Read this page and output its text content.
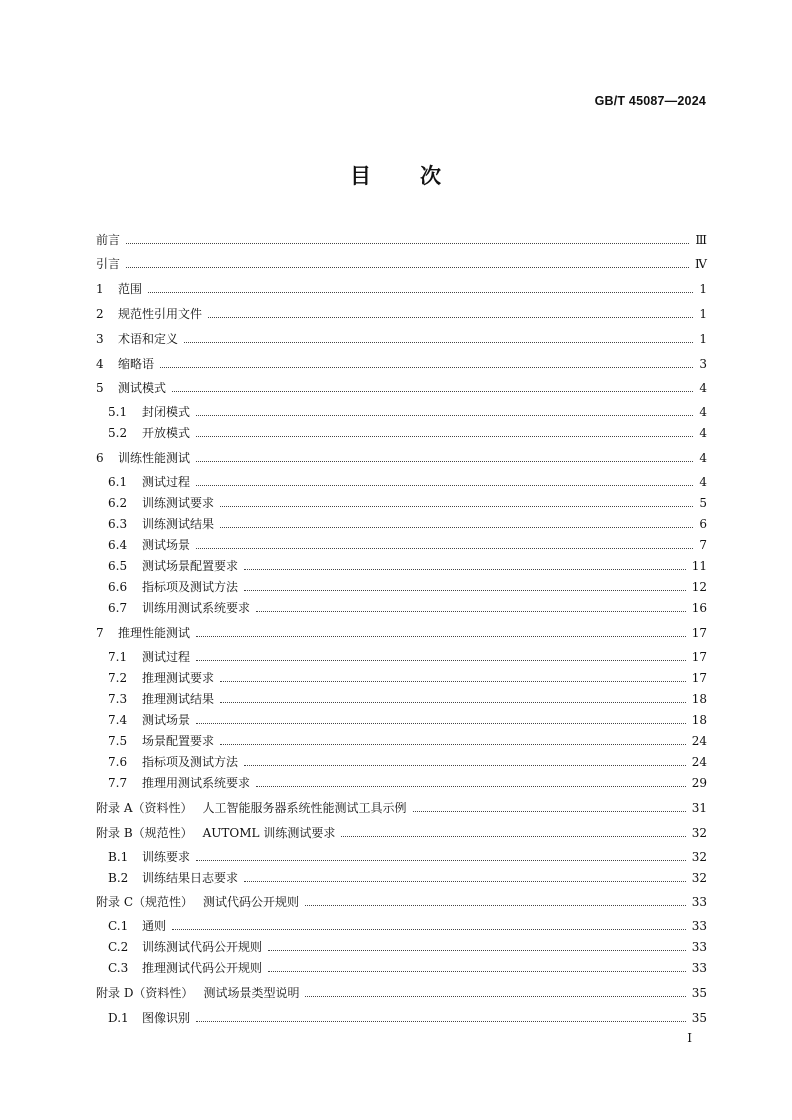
GB/T 45087—2024
目 次
前言	Ⅲ
引言	Ⅳ
1	范围	1
2	规范性引用文件	1
3	术语和定义	1
4	缩略语	3
5	测试模式	4
5.1	封闭模式	4
5.2	开放模式	4
6	训练性能测试	4
6.1	测试过程	4
6.2	训练测试要求	5
6.3	训练测试结果	6
6.4	测试场景	7
6.5	测试场景配置要求	11
6.6	指标项及测试方法	12
6.7	训练用测试系统要求	16
7	推理性能测试	17
7.1	测试过程	17
7.2	推理测试要求	17
7.3	推理测试结果	18
7.4	测试场景	18
7.5	场景配置要求	24
7.6	指标项及测试方法	24
7.7	推理用测试系统要求	29
附录 A（资料性） 人工智能服务器系统性能测试工具示例	31
附录 B（规范性） AUTOML 训练测试要求	32
B.1	训练要求	32
B.2	训练结果日志要求	32
附录 C（规范性） 测试代码公开规则	33
C.1	通则	33
C.2	训练测试代码公开规则	33
C.3	推理测试代码公开规则	33
附录 D（资料性） 测试场景类型说明	35
D.1	图像识别	35
I
